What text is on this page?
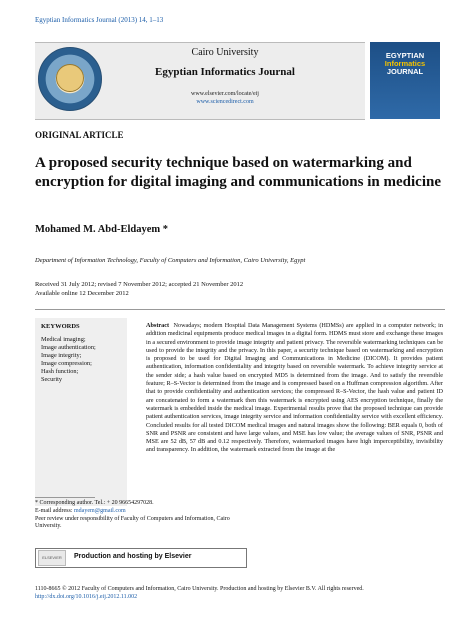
Egyptian Informatics Journal (2013) 14, 1–13
Cairo University
Egyptian Informatics Journal
www.elsevier.com/locate/eij
www.sciencedirect.com
EGYPTIAN
Informatics
JOURNAL
ORIGINAL ARTICLE
A proposed security technique based on watermarking and encryption for digital imaging and communications in medicine
Mohamed M. Abd-Eldayem *
Department of Information Technology, Faculty of Computers and Information, Cairo University, Egypt
Received 31 July 2012; revised 7 November 2012; accepted 21 November 2012
Available online 12 December 2012
KEYWORDS
Medical imaging;
Image authentication;
Image integrity;
Image compression;
Hash function;
Security
Abstract Nowadays; modern Hospital Data Management Systems (HDMSs) are applied in a computer network; in addition medicinal equipments produce medical images in a digital form. HDMS must store and exchange these images in a secured environment to provide image integrity and patient privacy. The reversible watermarking techniques can be used to provide the integrity and the privacy. In this paper, a security technique based on watermarking and encryption is proposed to be used for Digital Imaging and Communications in Medicine (DICOM). It provides patient authentication, information confidentiality and integrity based on reversible watermark. To achieve integrity service at the sender side; a hash value based on encrypted MD5 is determined from the image. And to satisfy the reversible feature; R–S-Vector is determined from the image and is compressed based on a Huffman compression algorithm. After that to provide confidentiality and authentication services; the compressed R–S-Vector, the hash value and patient ID are concatenated to form a watermark then this watermark is encrypted using AES encryption technique, finally the watermark is embedded inside the medical image. Experimental results prove that the proposed technique can provide patient authentication services, image integrity service and information confidentiality service with excellent efficiency. Concluded results for all tested DICOM medical images and natural images show the following: BER equals 0, both of SNR and PSNR are consistent and have large values, and MSE has low value; the average values of SNR, PSNR and MSE are 52 dB, 57 dB and 0.12 respectively. Therefore, watermarked images have high imperceptibility, invisibility and transparency. In addition, the watermark extracted from the image at the
* Corresponding author. Tel.: + 20 96654297028.
E-mail address: mdayem@gmail.com
Peer review under responsibility of Faculty of Computers and Information, Cairo University.
ELSEVIER	Production and hosting by Elsevier
1110-8665 © 2012 Faculty of Computers and Information, Cairo University. Production and hosting by Elsevier B.V. All rights reserved.
http://dx.doi.org/10.1016/j.eij.2012.11.002
